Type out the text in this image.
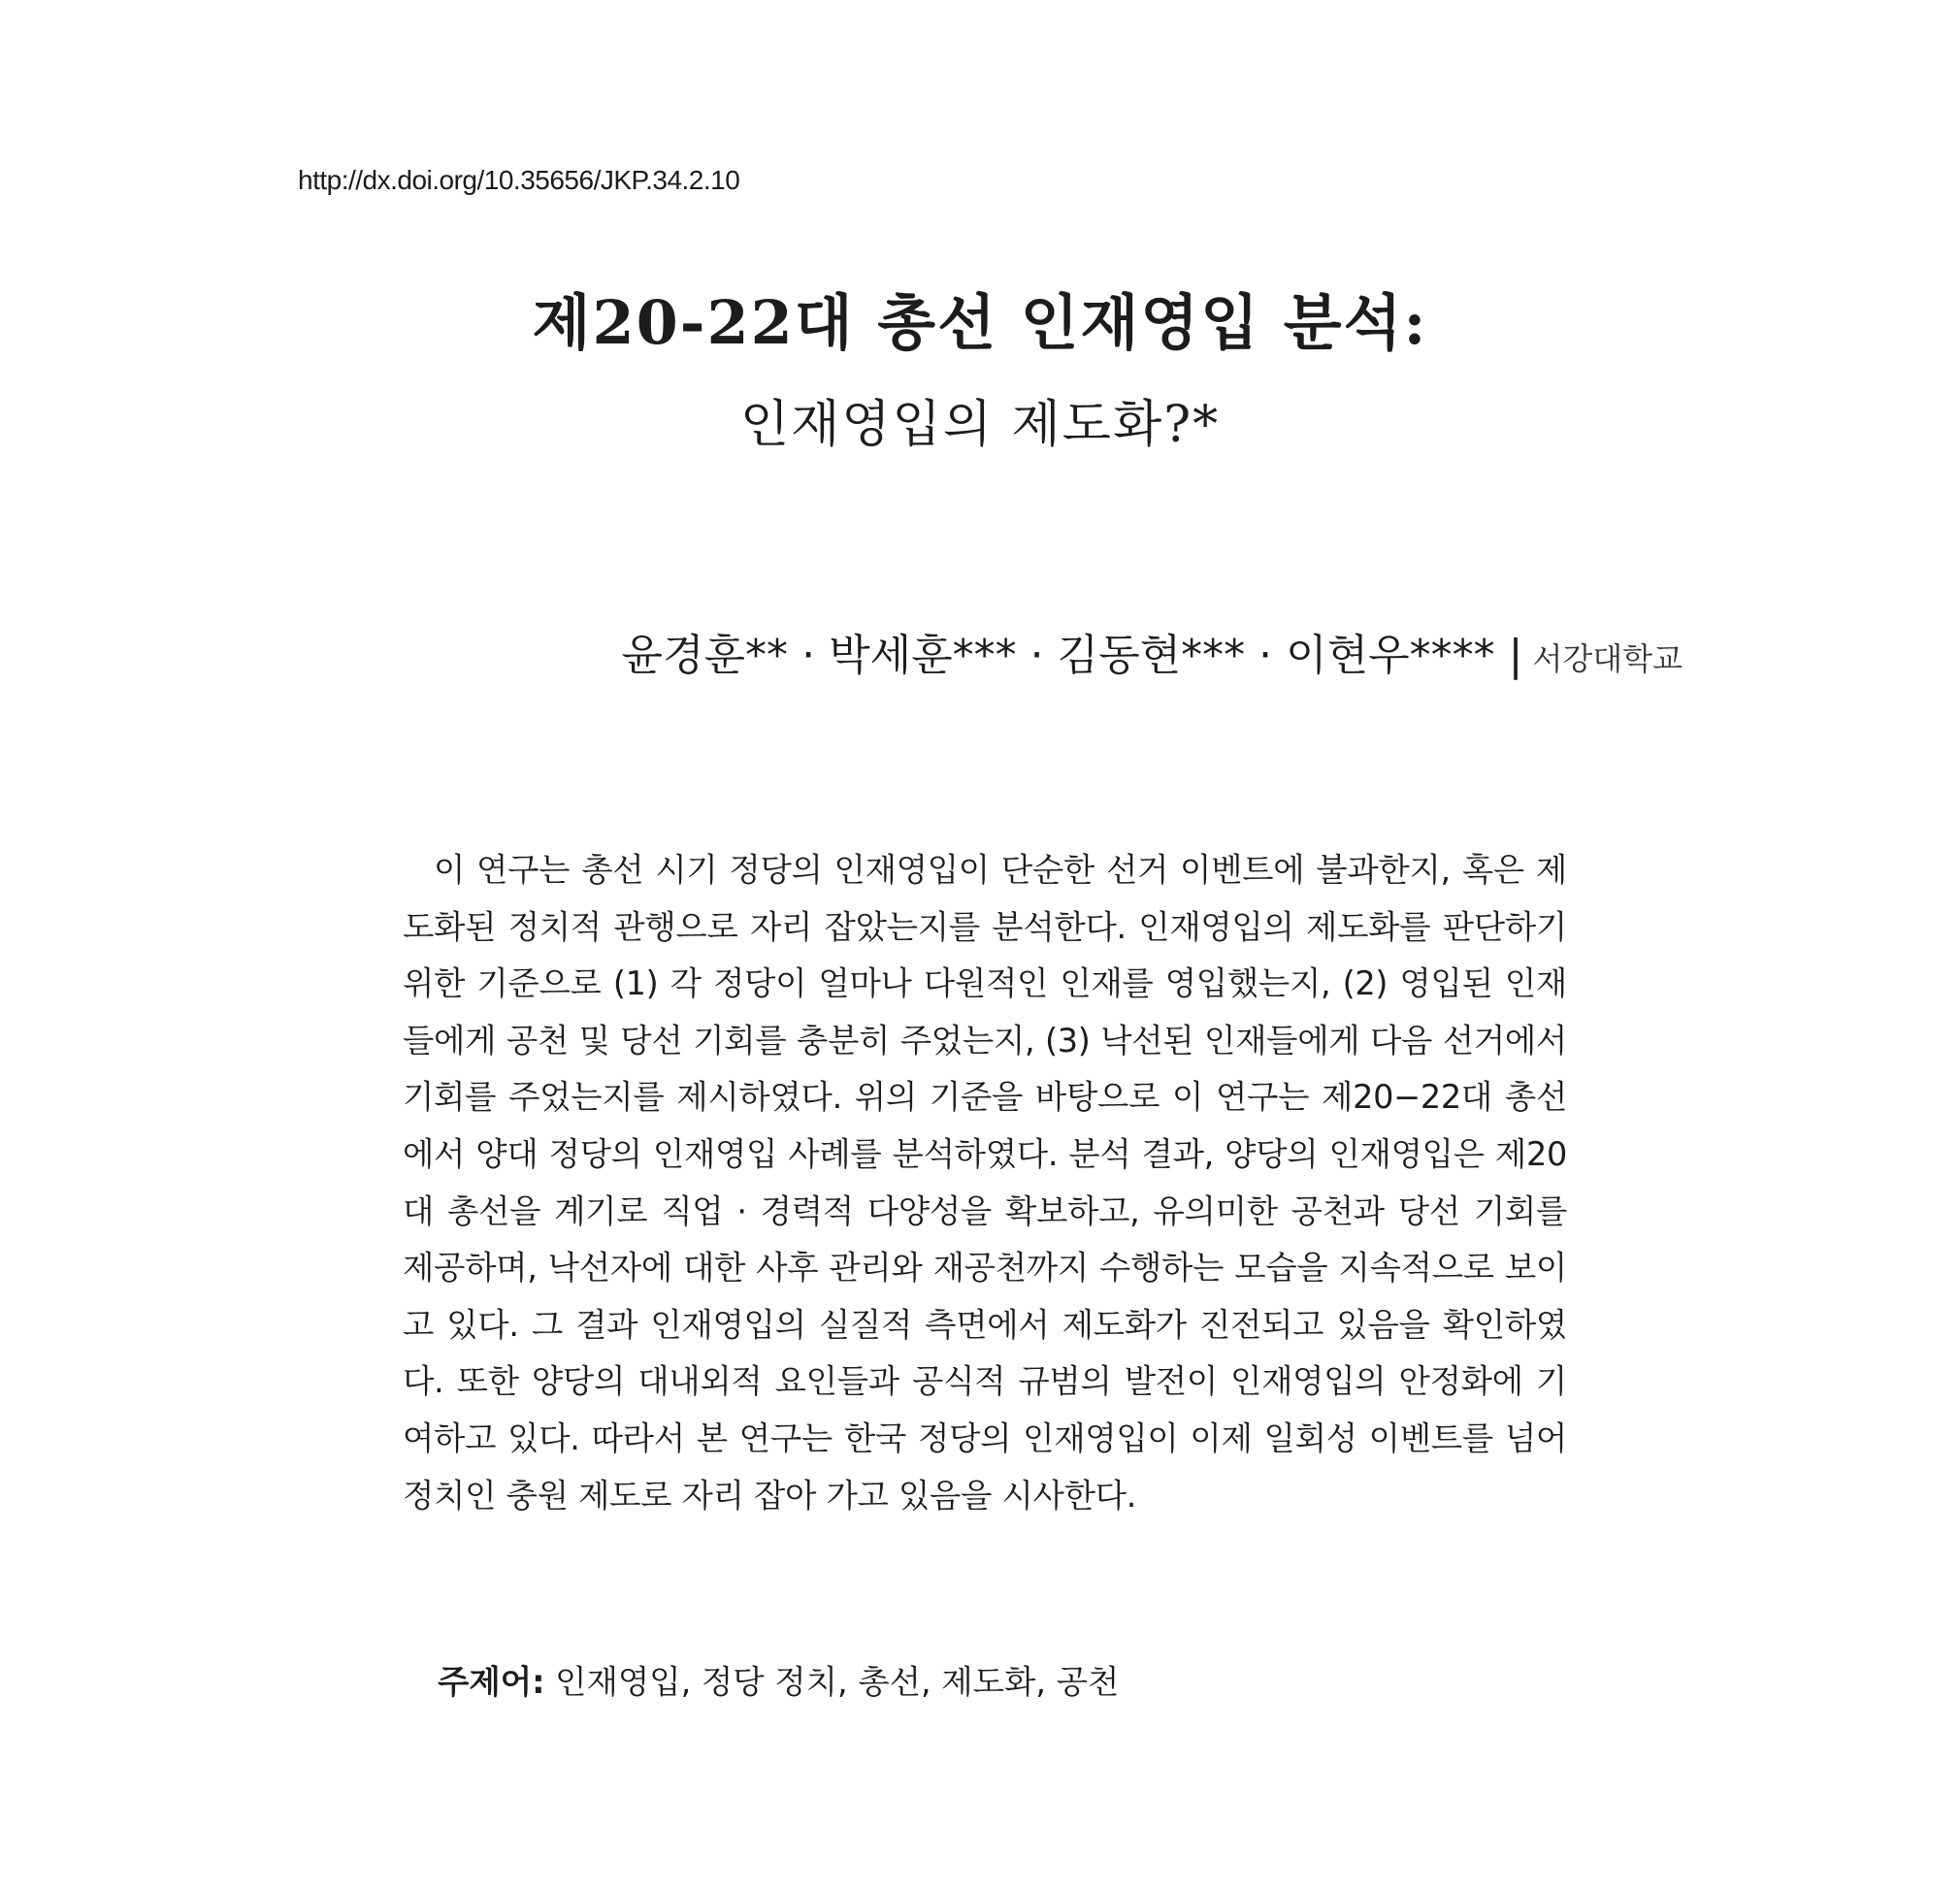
http://dx.doi.org/10.35656/JKP.34.2.10
제20-22대 총선 인재영입 분석:
인재영입의 제도화?*
윤경훈** · 박세훈*** · 김동현*** · 이현우**** | 서강대학교

이 연구는 총선 시기 정당의 인재영입이 단순한 선거 이벤트에 불과한지, 혹은 제도화된 정치적 관행으로 자리 잡았는지를 분석한다. 인재영입의 제도화를 판단하기 위한 기준으로 (1) 각 정당이 얼마나 다원적인 인재를 영입했는지, (2) 영입된 인재들에게 공천 및 당선 기회를 충분히 주었는지, (3) 낙선된 인재들에게 다음 선거에서 기회를 주었는지를 제시하였다. 위의 기준을 바탕으로 이 연구는 제20−22대 총선에서 양대 정당의 인재영입 사례를 분석하였다. 분석 결과, 양당의 인재영입은 제20대 총선을 계기로 직업 · 경력적 다양성을 확보하고, 유의미한 공천과 당선 기회를 제공하며, 낙선자에 대한 사후 관리와 재공천까지 수행하는 모습을 지속적으로 보이고 있다. 그 결과 인재영입의 실질적 측면에서 제도화가 진전되고 있음을 확인하였다. 또한 양당의 대내외적 요인들과 공식적 규범의 발전이 인재영입의 안정화에 기여하고 있다. 따라서 본 연구는 한국 정당의 인재영입이 이제 일회성 이벤트를 넘어 정치인 충원 제도로 자리 잡아 가고 있음을 시사한다.

주제어: 인재영입, 정당 정치, 총선, 제도화, 공천
